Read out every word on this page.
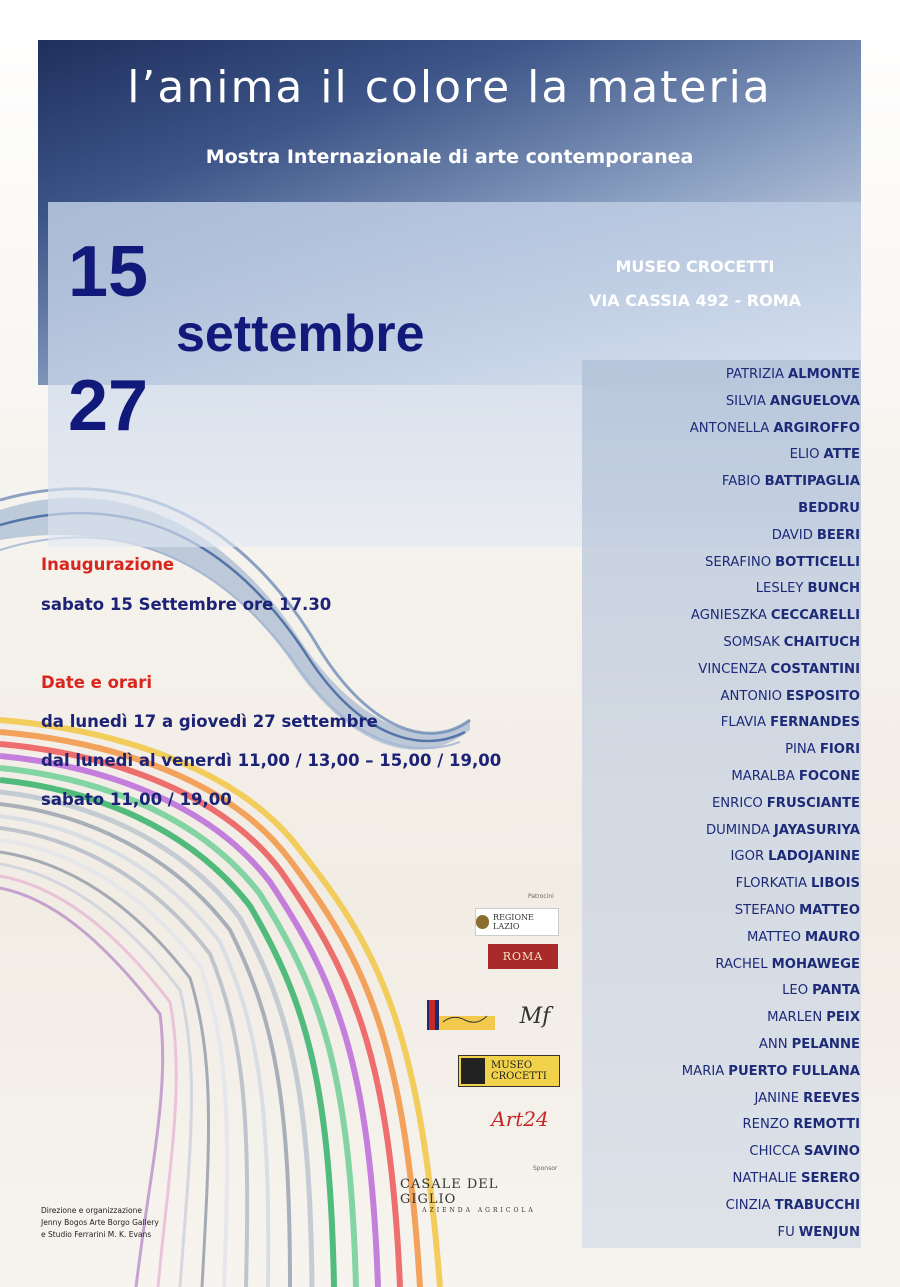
l’anima il colore la materia
Mostra Internazionale di arte contemporanea
15
settembre
27
MUSEO CROCETTI
VIA CASSIA 492 - ROMA
PATRIZIA ALMONTE
SILVIA ANGUELOVA
ANTONELLA ARGIROFFO
ELIO ATTE
FABIO BATTIPAGLIA
BEDDRU
DAVID BEERI
SERAFINO BOTTICELLI
LESLEY BUNCH
AGNIESZKA CECCARELLI
SOMSAK CHAITUCH
VINCENZA COSTANTINI
ANTONIO ESPOSITO
FLAVIA FERNANDES
PINA FIORI
MARALBA FOCONE
ENRICO FRUSCIANTE
DUMINDA JAYASURIYA
IGOR LADOJANINE
FLORKATIA LIBOIS
STEFANO MATTEO
MATTEO MAURO
RACHEL MOHAWEGE
LEO PANTA
MARLEN PEIX
ANN PELANNE
MARIA PUERTO FULLANA
JANINE REEVES
RENZO REMOTTI
CHICCA SAVINO
NATHALIE SERERO
CINZIA TRABUCCHI
FU WENJUN
Inaugurazione
sabato 15 Settembre ore 17.30
Date e orari
da lunedì 17 a giovedì 27 settembre
dal lunedì al venerdì 11,00 / 13,00 – 15,00 / 19,00
sabato 11,00 / 19,00
Patrocini
REGIONE LAZIO
ROMA
Mf
MUSEO
CROCETTI
Art24
Sponsor
CASALE DEL GIGLIO
AZIENDA AGRICOLA
Direzione e organizzazione
Jenny Bogos Arte Borgo Gallery
e Studio Ferrarini M. K. Evans
